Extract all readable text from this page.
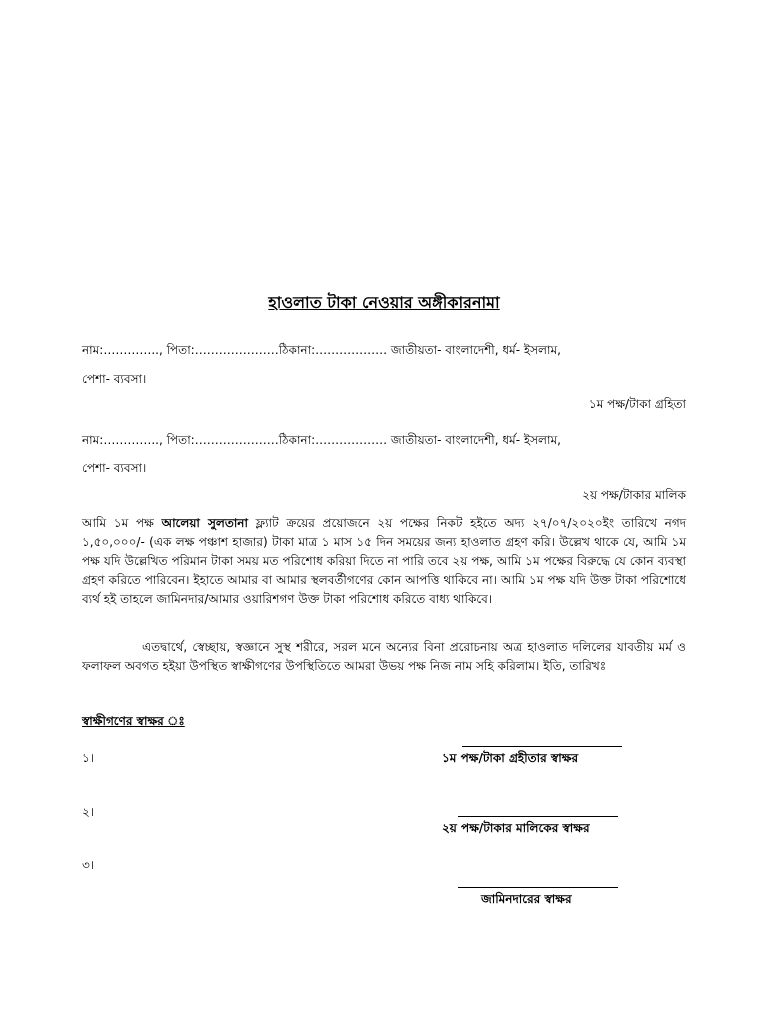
হাওলাত টাকা নেওয়ার অঙ্গীকারনামা
নাম:………….., পিতা:…………………ঠিকানা:……………… জাতীয়তা- বাংলাদেশী, ধর্ম- ইসলাম,
পেশা- ব্যবসা।
১ম পক্ষ/টাকা গ্রহিতা
নাম:………….., পিতা:…………………ঠিকানা:……………… জাতীয়তা- বাংলাদেশী, ধর্ম- ইসলাম,
পেশা- ব্যবসা।
২য় পক্ষ/টাকার মালিক
আমি ১ম পক্ষ আলেয়া সুলতানা ফ্ল্যাট ক্রয়ের প্রয়োজনে ২য় পক্ষের নিকট হইতে অদ্য ২৭/০৭/২০২০ইং তারিখে নগদ ১,৫০,০০০/- (এক লক্ষ পঞ্চাশ হাজার) টাকা মাত্র ১ মাস ১৫ দিন সময়ের জন্য হাওলাত গ্রহণ করি। উল্লেখ থাকে যে, আমি ১ম পক্ষ যদি উল্লেখিত পরিমান টাকা সময় মত পরিশোধ করিয়া দিতে না পারি তবে ২য় পক্ষ, আমি ১ম পক্ষের বিরুদ্ধে যে কোন ব্যবস্থা গ্রহণ করিতে পারিবেন। ইহাতে আমার বা আমার স্থলবর্তীগণের কোন আপত্তি থাকিবে না। আমি ১ম পক্ষ যদি উক্ত টাকা পরিশোধে ব্যর্থ হই তাহলে জামিনদার/আমার ওয়ারিশগণ উক্ত টাকা পরিশোধ করিতে বাধ্য থাকিবে।
এতদ্বার্থে, স্বেচ্ছায়, স্বজ্ঞানে সুস্থ শরীরে, সরল মনে অন্যের বিনা প্ররোচনায় অত্র হাওলাত দলিলের যাবতীয় মর্ম ও ফলাফল অবগত হইয়া উপস্থিত স্বাক্ষীগণের উপস্থিতিতে আমরা উভয় পক্ষ নিজ নাম সহি করিলাম। ইতি, তারিখঃ
স্বাক্ষীগণের স্বাক্ষর ঃ
১।
২।
৩।
১ম পক্ষ/টাকা গ্রহীতার স্বাক্ষর
২য় পক্ষ/টাকার মালিকের স্বাক্ষর
জামিনদারের স্বাক্ষর
